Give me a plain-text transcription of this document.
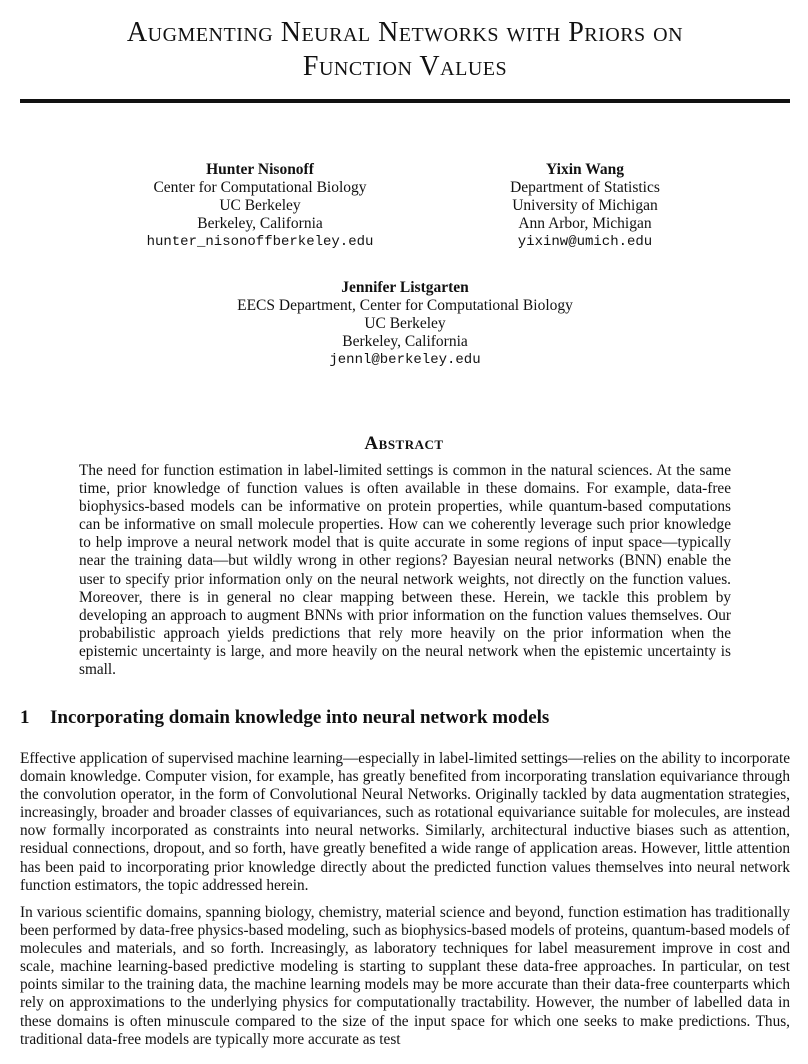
Augmenting Neural Networks with Priors on
Function Values
Hunter Nisonoff
Center for Computational Biology
UC Berkeley
Berkeley, California
hunter_nisonoffberkeley.edu
Yixin Wang
Department of Statistics
University of Michigan
Ann Arbor, Michigan
yixinw@umich.edu
Jennifer Listgarten
EECS Department, Center for Computational Biology
UC Berkeley
Berkeley, California
jennl@berkeley.edu
Abstract
The need for function estimation in label-limited settings is common in the natural sciences. At the same time, prior knowledge of function values is often available in these domains. For example, data-free biophysics-based models can be informative on protein properties, while quantum-based computations can be informative on small molecule properties. How can we coherently leverage such prior knowledge to help improve a neural network model that is quite accurate in some regions of input space—typically near the training data—but wildly wrong in other regions? Bayesian neural networks (BNN) enable the user to specify prior information only on the neural network weights, not directly on the function values. Moreover, there is in general no clear mapping between these. Herein, we tackle this problem by developing an approach to augment BNNs with prior information on the function values themselves. Our probabilistic approach yields predictions that rely more heavily on the prior information when the epistemic uncertainty is large, and more heavily on the neural network when the epistemic uncertainty is small.
1 Incorporating domain knowledge into neural network models
Effective application of supervised machine learning—especially in label-limited settings—relies on the ability to incorporate domain knowledge. Computer vision, for example, has greatly benefited from incorporating translation equivariance through the convolution operator, in the form of Convolutional Neural Networks. Originally tackled by data augmentation strategies, increasingly, broader and broader classes of equivariances, such as rotational equivariance suitable for molecules, are instead now formally incorporated as constraints into neural networks. Similarly, architectural inductive biases such as attention, residual connections, dropout, and so forth, have greatly benefited a wide range of application areas. However, little attention has been paid to incorporating prior knowledge directly about the predicted function values themselves into neural network function estimators, the topic addressed herein.
In various scientific domains, spanning biology, chemistry, material science and beyond, function estimation has traditionally been performed by data-free physics-based modeling, such as biophysics-based models of proteins, quantum-based models of molecules and materials, and so forth. Increasingly, as laboratory techniques for label measurement improve in cost and scale, machine learning-based predictive modeling is starting to supplant these data-free approaches. In particular, on test points similar to the training data, the machine learning models may be more accurate than their data-free counterparts which rely on approximations to the underlying physics for computationally tractability. However, the number of labelled data in these domains is often minuscule compared to the size of the input space for which one seeks to make predictions. Thus, traditional data-free models are typically more accurate as test
